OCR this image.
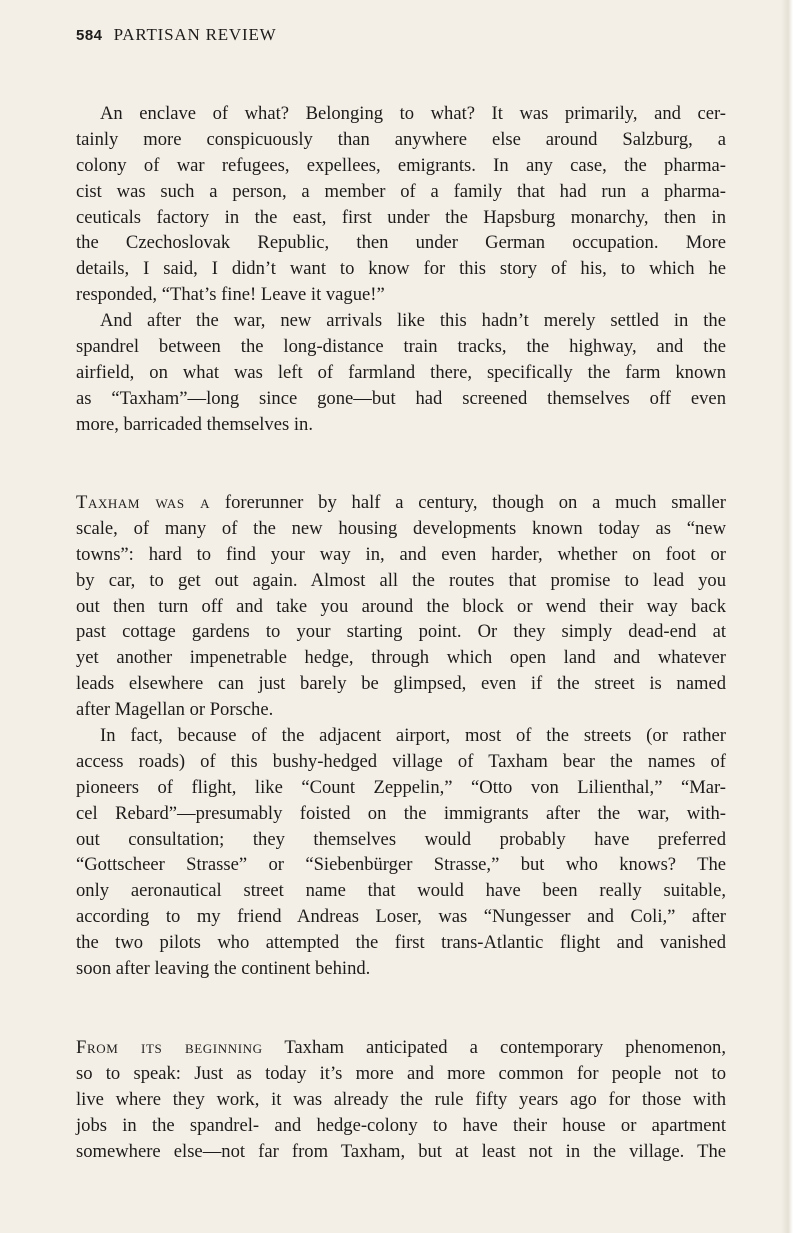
584 PARTISAN REVIEW
An enclave of what? Belonging to what? It was primarily, and cer-
tainly more conspicuously than anywhere else around Salzburg, a
colony of war refugees, expellees, emigrants. In any case, the pharma-
cist was such a person, a member of a family that had run a pharma-
ceuticals factory in the east, first under the Hapsburg monarchy, then in
the Czechoslovak Republic, then under German occupation. More
details, I said, I didn’t want to know for this story of his, to which he
responded, “That’s fine! Leave it vague!”
And after the war, new arrivals like this hadn’t merely settled in the
spandrel between the long-distance train tracks, the highway, and the
airfield, on what was left of farmland there, specifically the farm known
as “Taxham”—long since gone—but had screened themselves off even
more, barricaded themselves in.
Taxham was a forerunner by half a century, though on a much smaller
scale, of many of the new housing developments known today as “new
towns”: hard to find your way in, and even harder, whether on foot or
by car, to get out again. Almost all the routes that promise to lead you
out then turn off and take you around the block or wend their way back
past cottage gardens to your starting point. Or they simply dead-end at
yet another impenetrable hedge, through which open land and whatever
leads elsewhere can just barely be glimpsed, even if the street is named
after Magellan or Porsche.
In fact, because of the adjacent airport, most of the streets (or rather
access roads) of this bushy-hedged village of Taxham bear the names of
pioneers of flight, like “Count Zeppelin,” “Otto von Lilienthal,” “Mar-
cel Rebard”—presumably foisted on the immigrants after the war, with-
out consultation; they themselves would probably have preferred
“Gottscheer Strasse” or “Siebenbürger Strasse,” but who knows? The
only aeronautical street name that would have been really suitable,
according to my friend Andreas Loser, was “Nungesser and Coli,” after
the two pilots who attempted the first trans-Atlantic flight and vanished
soon after leaving the continent behind.
From its beginning Taxham anticipated a contemporary phenomenon,
so to speak: Just as today it’s more and more common for people not to
live where they work, it was already the rule fifty years ago for those with
jobs in the spandrel- and hedge-colony to have their house or apartment
somewhere else—not far from Taxham, but at least not in the village. The
